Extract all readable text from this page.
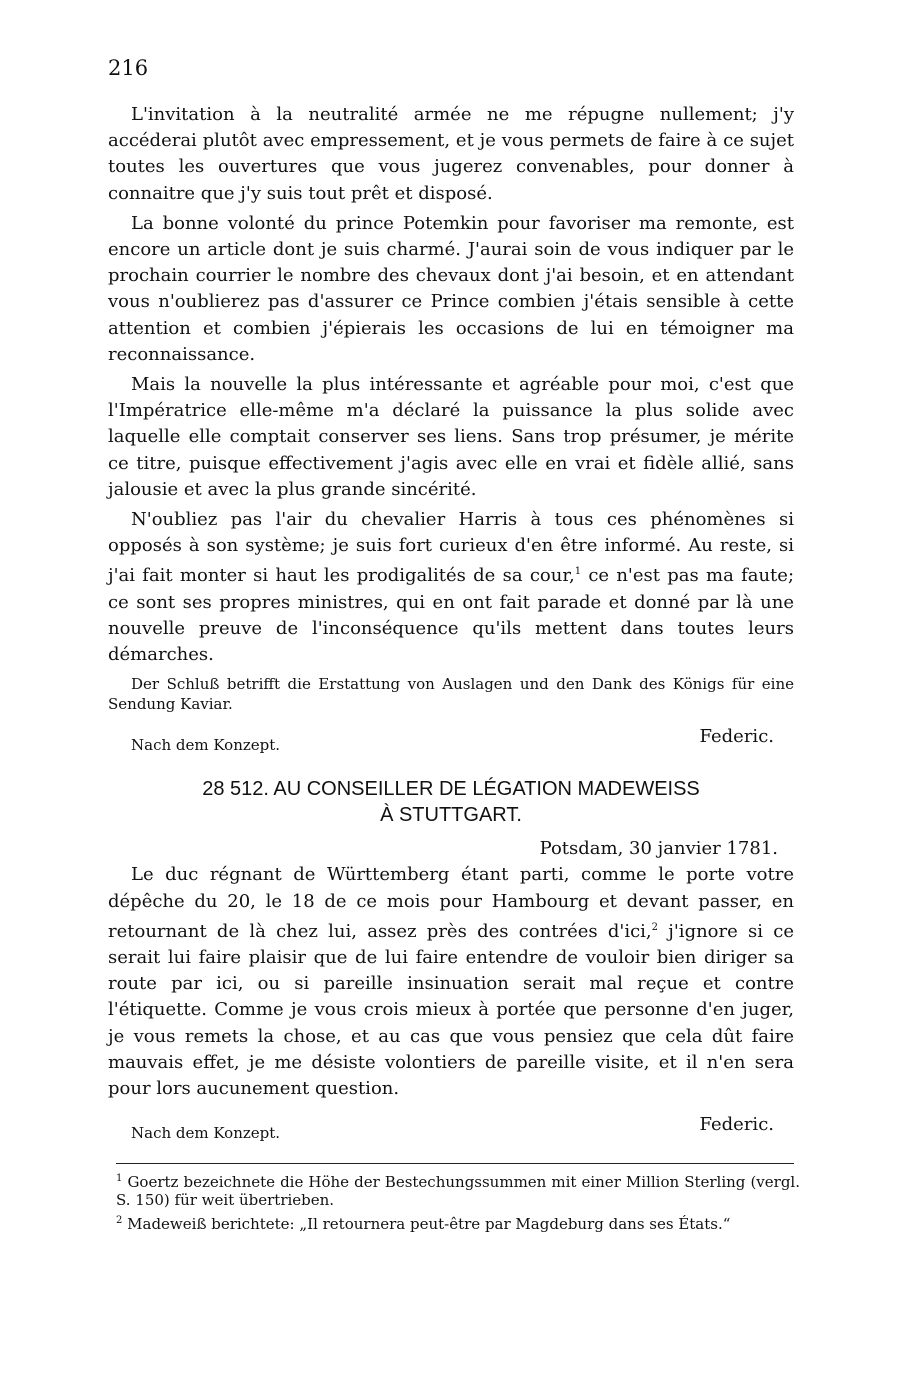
216

L'invitation à la neutralité armée ne me répugne nullement; j'y accéderai plutôt avec empressement, et je vous permets de faire à ce sujet toutes les ouvertures que vous jugerez convenables, pour donner à connaitre que j'y suis tout prêt et disposé.

La bonne volonté du prince Potemkin pour favoriser ma remonte, est encore un article dont je suis charmé. J'aurai soin de vous indiquer par le prochain courrier le nombre des chevaux dont j'ai besoin, et en attendant vous n'oublierez pas d'assurer ce Prince combien j'étais sensible à cette attention et combien j'épierais les occasions de lui en témoigner ma reconnaissance.

Mais la nouvelle la plus intéressante et agréable pour moi, c'est que l'Impératrice elle-même m'a déclaré la puissance la plus solide avec laquelle elle comptait conserver ses liens. Sans trop présumer, je mérite ce titre, puisque effectivement j'agis avec elle en vrai et fidèle allié, sans jalousie et avec la plus grande sincérité.

N'oubliez pas l'air du chevalier Harris à tous ces phénomènes si opposés à son système; je suis fort curieux d'en être informé. Au reste, si j'ai fait monter si haut les prodigalités de sa cour,$^1$ ce n'est pas ma faute; ce sont ses propres ministres, qui en ont fait parade et donné par là une nouvelle preuve de l'inconséquence qu'ils mettent dans toutes leurs démarches.

Der Schluß betrifft die Erstattung von Auslagen und den Dank des Königs für eine Sendung Kaviar.

Nach dem Konzept.	Federic.
28 512. AU CONSEILLER DE LÉGATION MADEWEISS
À STUTTGART.
Potsdam, 30 janvier 1781.

Le duc régnant de Württemberg étant parti, comme le porte votre dépêche du 20, le 18 de ce mois pour Hambourg et devant passer, en retournant de là chez lui, assez près des contrées d'ici,$^2$ j'ignore si ce serait lui faire plaisir que de lui faire entendre de vouloir bien diriger sa route par ici, ou si pareille insinuation serait mal reçue et contre l'étiquette. Comme je vous crois mieux à portée que personne d'en juger, je vous remets la chose, et au cas que vous pensiez que cela dût faire mauvais effet, je me désiste volontiers de pareille visite, et il n'en sera pour lors aucunement question.

Nach dem Konzept.	Federic.

$^1$ Goertz bezeichnete die Höhe der Bestechungssummen mit einer Million Sterling (vergl. S. 150) für weit übertrieben.

$^2$ Madeweiß berichtete: „Il retournera peut-être par Magdeburg dans ses États.“
